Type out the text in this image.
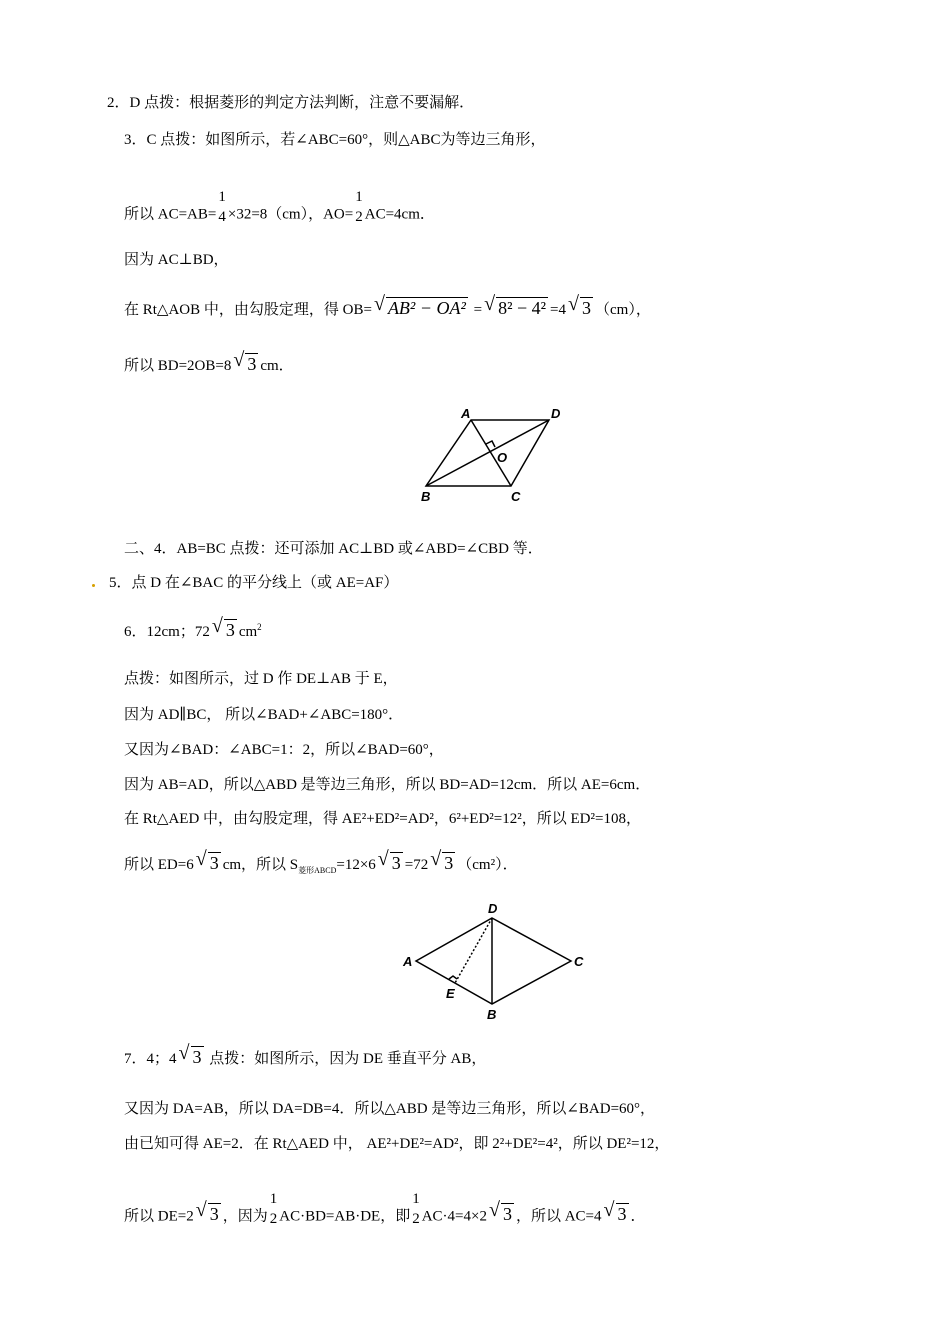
2．D 点拨：根据菱形的判定方法判断，注意不要漏解．
3．C 点拨：如图所示，若∠ABC=60°，则△ABC为等边三角形，
所以 AC=AB=
1
4 ×32=8（cm），AO=
1
2 AC=4cm．
因为 AC⊥BD，
在 Rt△AOB 中，由勾股定理，得 OB=√ AB² − OA² =√ 8² − 4² =4√ 3 （cm），
所以 BD=2OB=8√ 3 cm．
A	D
O
B	C
D
A	C
E
B
二、4．AB=BC 点拨：还可添加 AC⊥BD 或∠ABD=∠CBD 等．
5．点 D 在∠BAC 的平分线上（或 AE=AF）
6．12cm；72√ 3 $cm^2$
点拨：如图所示，过 D 作 DE⊥AB 于 E，
因为 AD∥BC， 所以∠BAD+∠ABC=180°．
又因为∠BAD：∠ABC=1：2，所以∠BAD=60°，
因为 AB=AD，所以△ABD 是等边三角形，所以 BD=AD=12cm．所以 AE=6cm．
在 Rt△AED 中，由勾股定理，得 AE²+ED²=AD²，6²+ED²=12²，所以 ED²=108，
所以 ED=6√ 3 cm，所以 $S_{菱形ABCD}=12\times 6√$ 3 =72√ 3 （cm²）．
7．4；4√ 3 点拨：如图所示，因为 DE 垂直平分 AB，
又因为 DA=AB，所以 DA=DB=4．所以△ABD 是等边三角形，所以∠BAD=60°，
由已知可得 AE=2．在 Rt△AED 中， AE²+DE²=AD²，即 2²+DE²=4²，所以 DE²=12，
所以 DE=2√ 3 ，因为
1
2 AC·BD=AB·DE，即
1
2 AC·4=4×2√ 3 ，所以 AC=4√ 3 ．
